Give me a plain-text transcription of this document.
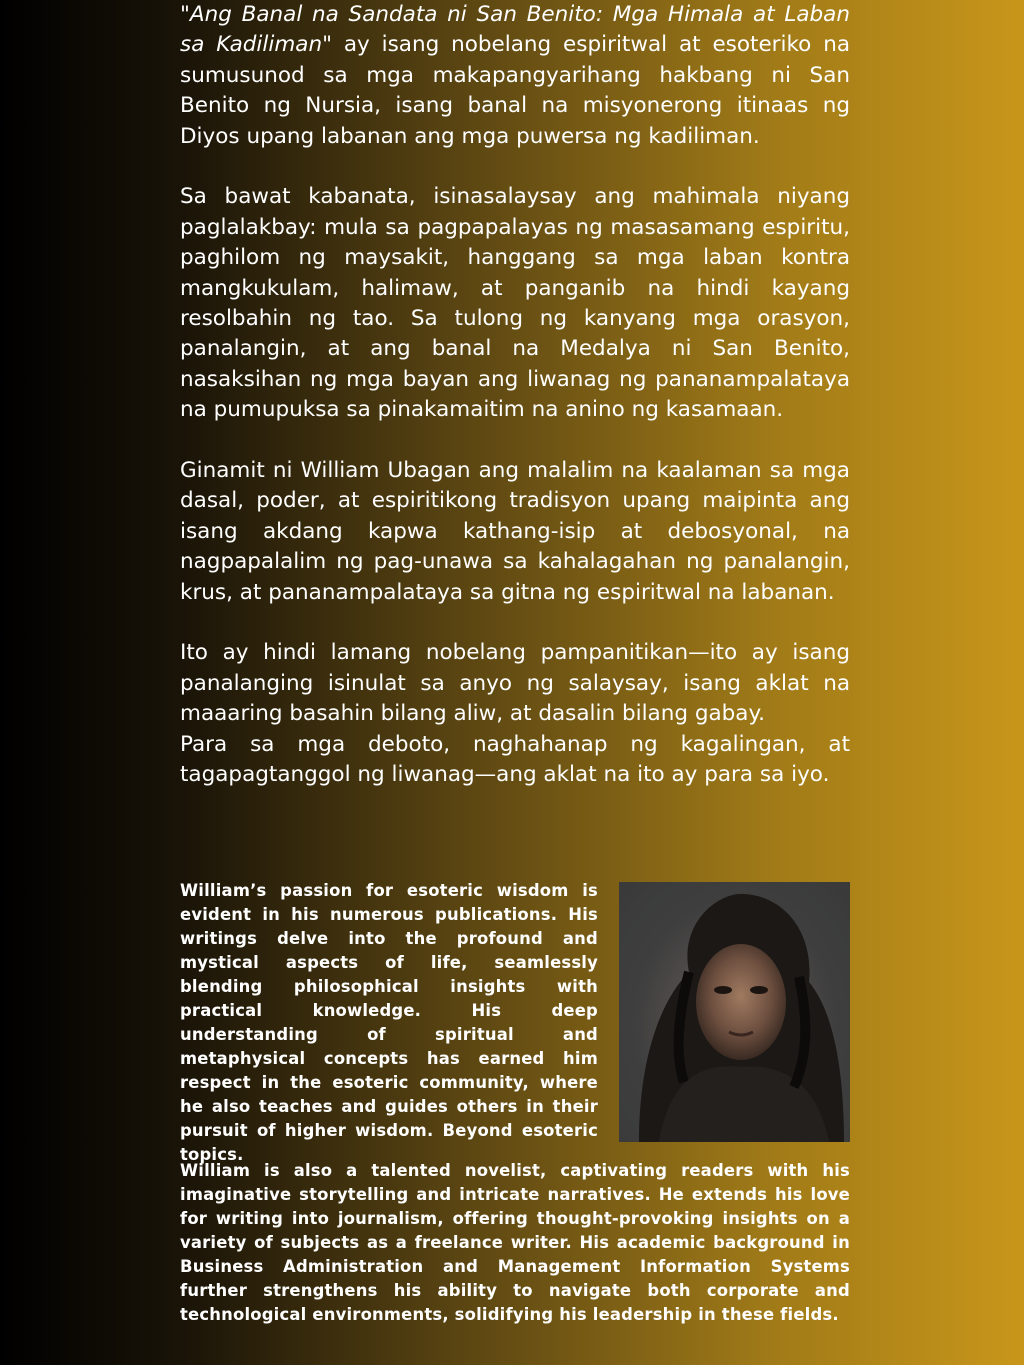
"Ang Banal na Sandata ni San Benito: Mga Himala at Laban sa Kadiliman" ay isang nobelang espiritwal at esoteriko na sumusunod sa mga makapangyarihang hakbang ni San Benito ng Nursia, isang banal na misyonerong itinaas ng Diyos upang labanan ang mga puwersa ng kadiliman.

Sa bawat kabanata, isinasalaysay ang mahimala niyang paglalakbay: mula sa pagpapalayas ng masasamang espiritu, paghilom ng maysakit, hanggang sa mga laban kontra mangkukulam, halimaw, at panganib na hindi kayang resolbahin ng tao. Sa tulong ng kanyang mga orasyon, panalangin, at ang banal na Medalya ni San Benito, nasaksihan ng mga bayan ang liwanag ng pananampalataya na pumupuksa sa pinakamaitim na anino ng kasamaan.

Ginamit ni William Ubagan ang malalim na kaalaman sa mga dasal, poder, at espiritikong tradisyon upang maipinta ang isang akdang kapwa kathang-isip at debosyonal, na nagpapalalim ng pag-unawa sa kahalagahan ng panalangin, krus, at pananampalataya sa gitna ng espiritwal na labanan.

Ito ay hindi lamang nobelang pampanitikan—ito ay isang panalanging isinulat sa anyo ng salaysay, isang aklat na maaaring basahin bilang aliw, at dasalin bilang gabay.

Para sa mga deboto, naghahanap ng kagalingan, at tagapagtanggol ng liwanag—ang aklat na ito ay para sa iyo.

William’s passion for esoteric wisdom is evident in his numerous publications. His writings delve into the profound and mystical aspects of life, seamlessly blending philosophical insights with practical knowledge. His deep understanding of spiritual and metaphysical concepts has earned him respect in the esoteric community, where he also teaches and guides others in their pursuit of higher wisdom. Beyond esoteric topics.

William is also a talented novelist, captivating readers with his imaginative storytelling and intricate narratives. He extends his love for writing into journalism, offering thought-provoking insights on a variety of subjects as a freelance writer. His academic background in Business Administration and Management Information Systems further strengthens his ability to navigate both corporate and technological environments, solidifying his leadership in these fields.
